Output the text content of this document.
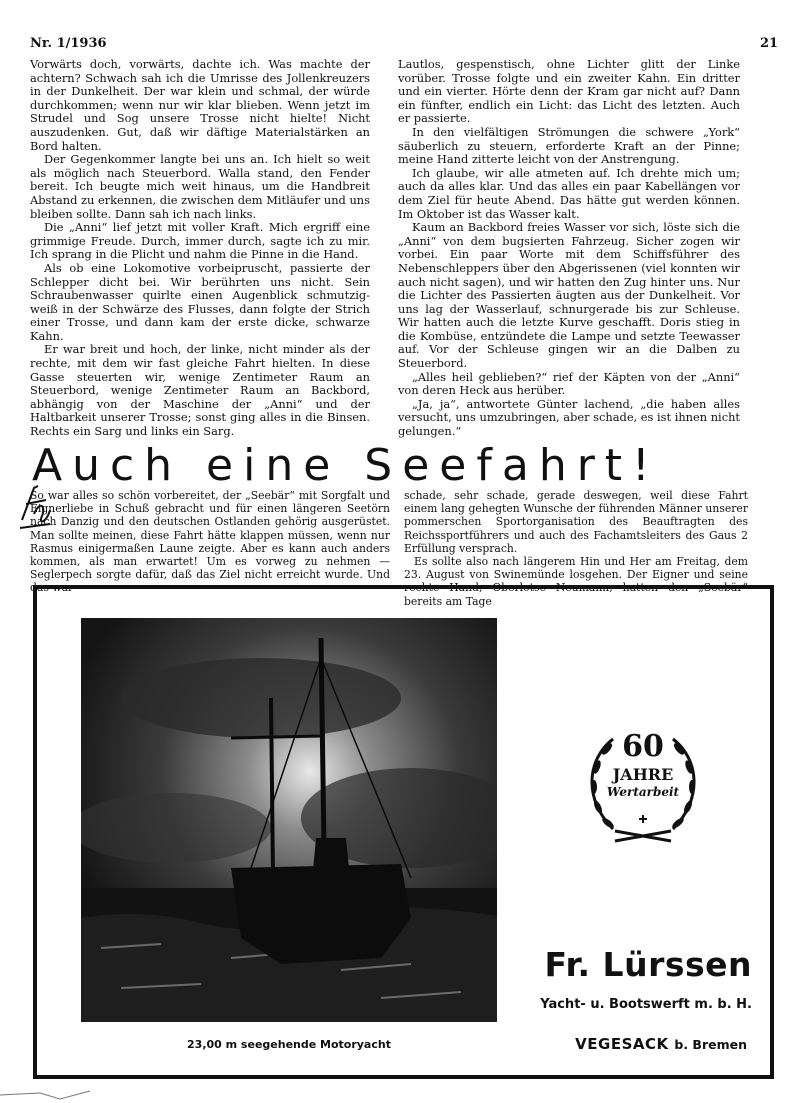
Nr. 1/1936	21

Vorwärts doch, vorwärts, dachte ich. Was machte der achtern? Schwach sah ich die Umrisse des Jollenkreuzers in der Dunkelheit. Der war klein und schmal, der würde durchkommen; wenn nur wir klar blieben. Wenn jetzt im Strudel und Sog unsere Trosse nicht hielte! Nicht auszudenken. Gut, daß wir däftige Materialstärken an Bord halten.

Der Gegenkommer langte bei uns an. Ich hielt so weit als möglich nach Steuerbord. Walla stand, den Fender bereit. Ich beugte mich weit hinaus, um die Handbreit Abstand zu erkennen, die zwischen dem Mitläufer und uns bleiben sollte. Dann sah ich nach links.

Die „Anni“ lief jetzt mit voller Kraft. Mich ergriff eine grimmige Freude. Durch, immer durch, sagte ich zu mir. Ich sprang in die Plicht und nahm die Pinne in die Hand.

Als ob eine Lokomotive vorbeipruscht, passierte der Schlepper dicht bei. Wir berührten uns nicht. Sein Schraubenwasser quirlte einen Augenblick schmutzig-weiß in der Schwärze des Flusses, dann folgte der Strich einer Trosse, und dann kam der erste dicke, schwarze Kahn.

Er war breit und hoch, der linke, nicht minder als der rechte, mit dem wir fast gleiche Fahrt hielten. In diese Gasse steuerten wir, wenige Zentimeter Raum an Steuerbord, wenige Zentimeter Raum an Backbord, abhängig von der Maschine der „Anni“ und der Haltbarkeit unserer Trosse; sonst ging alles in die Binsen. Rechts ein Sarg und links ein Sarg.

Lautlos, gespenstisch, ohne Lichter glitt der Linke vorüber. Trosse folgte und ein zweiter Kahn. Ein dritter und ein vierter. Hörte denn der Kram gar nicht auf? Dann ein fünfter, endlich ein Licht: das Licht des letzten. Auch er passierte.

In den vielfältigen Strömungen die schwere „York“ säuberlich zu steuern, erforderte Kraft an der Pinne; meine Hand zitterte leicht von der Anstrengung.

Ich glaube, wir alle atmeten auf. Ich drehte mich um; auch da alles klar. Und das alles ein paar Kabellängen vor dem Ziel für heute Abend. Das hätte gut werden können. Im Oktober ist das Wasser kalt.

Kaum an Backbord freies Wasser vor sich, löste sich die „Anni“ von dem bugsierten Fahrzeug. Sicher zogen wir vorbei. Ein paar Worte mit dem Schiffsführer des Nebenschleppers über den Abgerissenen (viel konnten wir auch nicht sagen), und wir hatten den Zug hinter uns. Nur die Lichter des Passierten äugten aus der Dunkelheit. Vor uns lag der Wasserlauf, schnurgerade bis zur Schleuse. Wir hatten auch die letzte Kurve geschafft. Doris stieg in die Kombüse, entzündete die Lampe und setzte Teewasser auf. Vor der Schleuse gingen wir an die Dalben zu Steuerbord.

„Alles heil geblieben?“ rief der Käpten von der „Anni“ von deren Heck aus herüber.

„Ja, ja“, antwortete Günter lachend, „die haben alles versucht, uns umzubringen, aber schade, es ist ihnen nicht gelungen.“

Auch eine Seefahrt!

So war alles so schön vorbereitet, der „Seebär“ mit Sorgfalt und Eignerliebe in Schuß gebracht und für einen längeren Seetörn nach Danzig und den deutschen Ostlanden gehörig ausgerüstet. Man sollte meinen, diese Fahrt hätte klappen müssen, wenn nur Rasmus einigermaßen Laune zeigte. Aber es kann auch anders kommen, als man erwartet! Um es vorweg zu nehmen — Seglerpech sorgte dafür, daß das Ziel nicht erreicht wurde. Und das war

schade, sehr schade, gerade deswegen, weil diese Fahrt einem lang gehegten Wunsche der führenden Männer unserer pommerschen Sportorganisation des Beauftragten des Reichssportführers und auch des Fachamtsleiters des Gaus 2 Erfüllung versprach.

Es sollte also nach längerem Hin und Her am Freitag, dem 23. August von Swinemünde losgehen. Der Eigner und seine rechte Hand, Oberlotse Neumann, hatten den „Seebär“ bereits am Tage

23,00 m seegehende Motoryacht
60
JAHRE
Wertarbeit
Fr. Lürssen
Yacht- u. Bootswerft m. b. H.
VEGESACK b. Bremen
